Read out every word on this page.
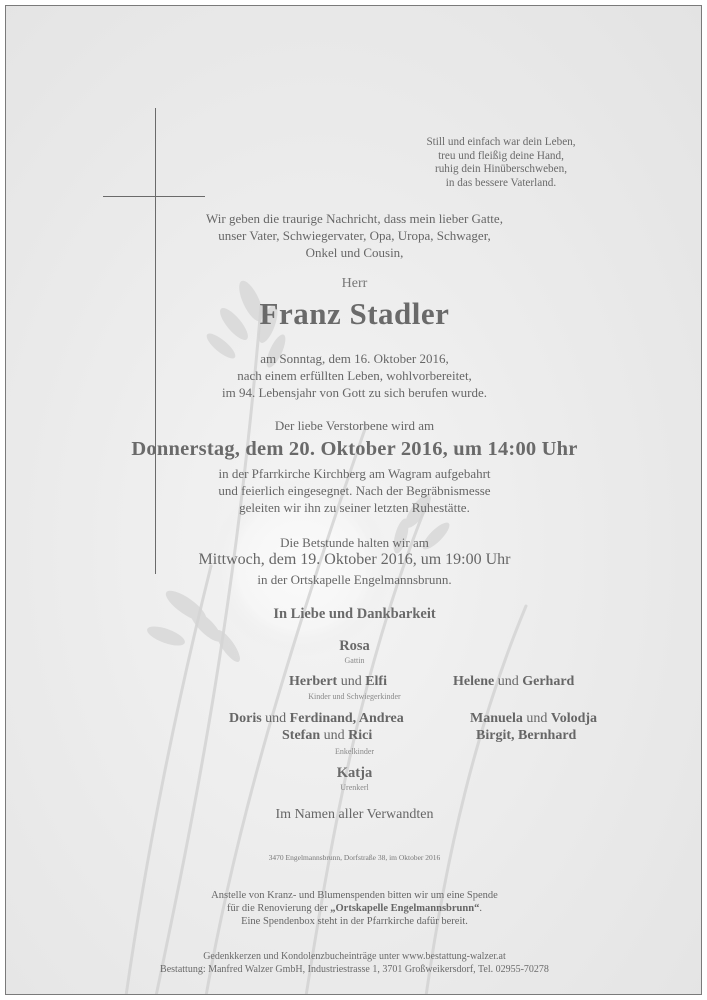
Still und einfach war dein Leben,
treu und fleißig deine Hand,
ruhig dein Hinüberschweben,
in das bessere Vaterland.
Wir geben die traurige Nachricht, dass mein lieber Gatte,
unser Vater, Schwiegervater, Opa, Uropa, Schwager,
Onkel und Cousin,
Herr
Franz Stadler
am Sonntag, dem 16. Oktober 2016,
nach einem erfüllten Leben, wohlvorbereitet,
im 94. Lebensjahr von Gott zu sich berufen wurde.
Der liebe Verstorbene wird am
Donnerstag, dem 20. Oktober 2016, um 14:00 Uhr
in der Pfarrkirche Kirchberg am Wagram aufgebahrt
und feierlich eingesegnet. Nach der Begräbnismesse
geleiten wir ihn zu seiner letzten Ruhestätte.
Die Betstunde halten wir am
Mittwoch, dem 19. Oktober 2016, um 19:00 Uhr
in der Ortskapelle Engelmannsbrunn.
In Liebe und Dankbarkeit
Rosa
Gattin
Herbert und Elfi	Helene und Gerhard
Kinder und Schwiegerkinder
Doris und Ferdinand, Andrea
Stefan und Rici
Manuela und Volodja
Birgit, Bernhard
Enkelkinder
Katja
Urenkerl
Im Namen aller Verwandten
3470 Engelmannsbrunn, Dorfstraße 38, im Oktober 2016
Anstelle von Kranz- und Blumenspenden bitten wir um eine Spende
für die Renovierung der „Ortskapelle Engelmannsbrunn“.
Eine Spendenbox steht in der Pfarrkirche dafür bereit.
Gedenkkerzen und Kondolenzbucheinträge unter www.bestattung-walzer.at
Bestattung: Manfred Walzer GmbH, Industriestrasse 1, 3701 Großweikersdorf, Tel. 02955-70278
